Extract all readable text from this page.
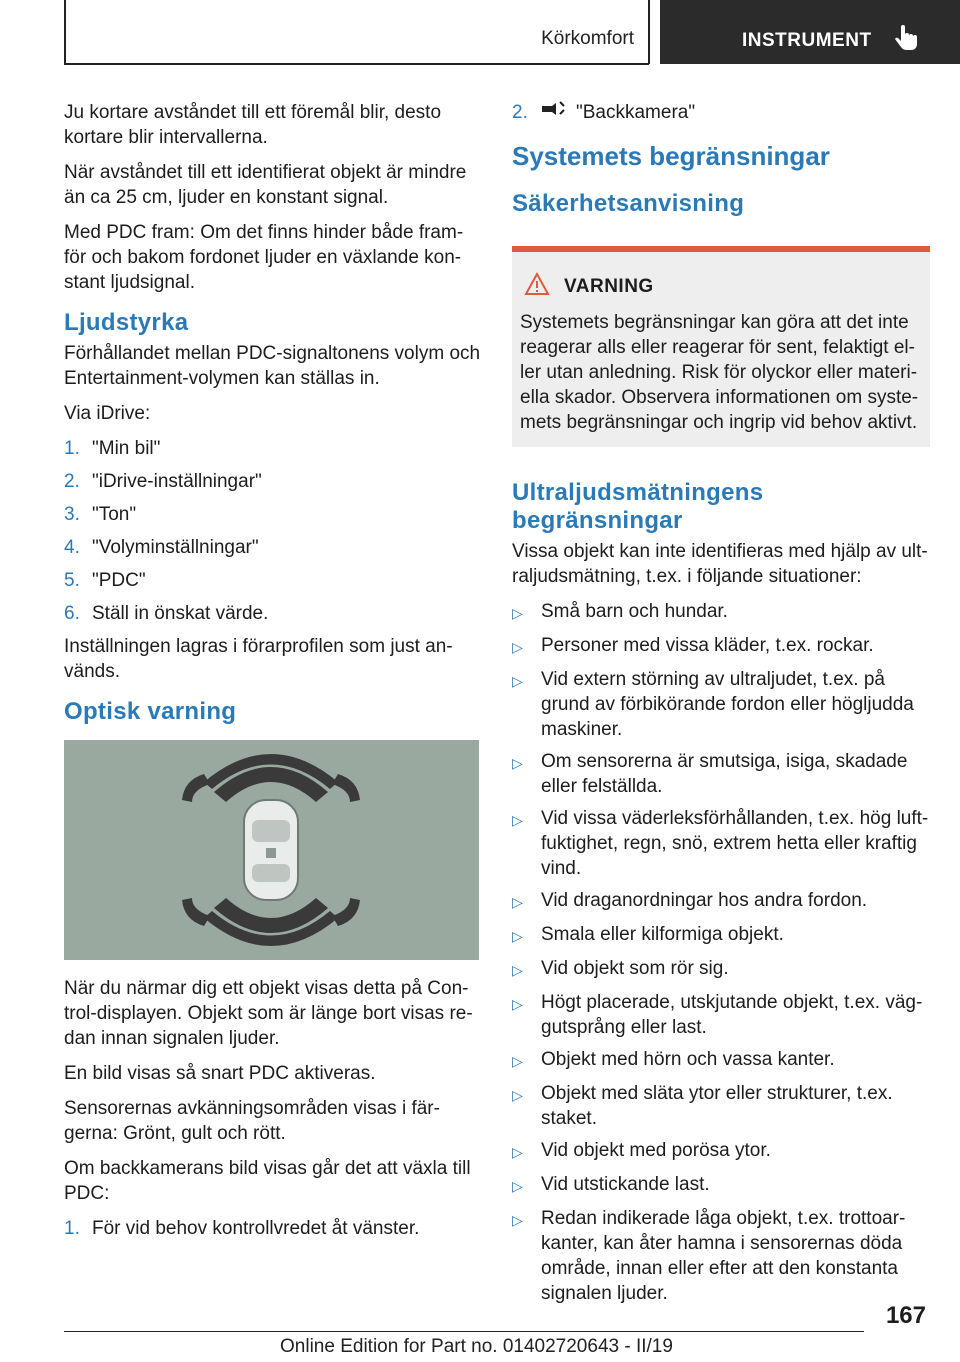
Körkomfort	INSTRUMENT

Ju kortare avståndet till ett föremål blir, desto kortare blir intervallerna.

När avståndet till ett identifierat objekt är mindre än ca 25 cm, ljuder en konstant signal.

Med PDC fram: Om det finns hinder både fram-för och bakom fordonet ljuder en växlande kon-stant ljudsignal.

Ljudstyrka

Förhållandet mellan PDC-signaltonens volym och Entertainment-volymen kan ställas in.

Via iDrive:

1. "Min bil"
2. "iDrive-inställningar"
3. "Ton"
4. "Volyminställningar"
5. "PDC"
6. Ställ in önskat värde.

Inställningen lagras i förarprofilen som just an-vänds.

Optisk varning

När du närmar dig ett objekt visas detta på Con-trol-displayen. Objekt som är länge bort visas re-dan innan signalen ljuder.

En bild visas så snart PDC aktiveras.

Sensorernas avkänningsområden visas i fär-gerna: Grönt, gult och rött.

Om backkamerans bild visas går det att växla till PDC:

1. För vid behov kontrollvredet åt vänster.
2.	"Backkamera"
Systemets begränsningar
Säkerhetsanvisning
VARNING

Systemets begränsningar kan göra att det inte reagerar alls eller reagerar för sent, felaktigt el-ler utan anledning. Risk för olyckor eller materi-ella skador. Observera informationen om syste-mets begränsningar och ingrip vid behov aktivt.

Ultraljudsmätningens begränsningar

Vissa objekt kan inte identifieras med hjälp av ult-raljudsmätning, t.ex. i följande situationer:

▷ Små barn och hundar.
▷ Personer med vissa kläder, t.ex. rockar.
▷ Vid extern störning av ultraljudet, t.ex. på grund av förbikörande fordon eller högljudda maskiner.
▷ Om sensorerna är smutsiga, isiga, skadade eller felställda.
▷ Vid vissa väderleksförhållanden, t.ex. hög luft-fuktighet, regn, snö, extrem hetta eller kraftig vind.
▷ Vid draganordningar hos andra fordon.
▷ Smala eller kilformiga objekt.
▷ Vid objekt som rör sig.
▷ Högt placerade, utskjutande objekt, t.ex. väg-gutsprång eller last.
▷ Objekt med hörn och vassa kanter.
▷ Objekt med släta ytor eller strukturer, t.ex. staket.
▷ Vid objekt med porösa ytor.
▷ Vid utstickande last.
▷ Redan indikerade låga objekt, t.ex. trottoar-kanter, kan åter hamna i sensorernas döda område, innan eller efter att den konstanta signalen ljuder.
167
Online Edition for Part no. 01402720643 - II/19
